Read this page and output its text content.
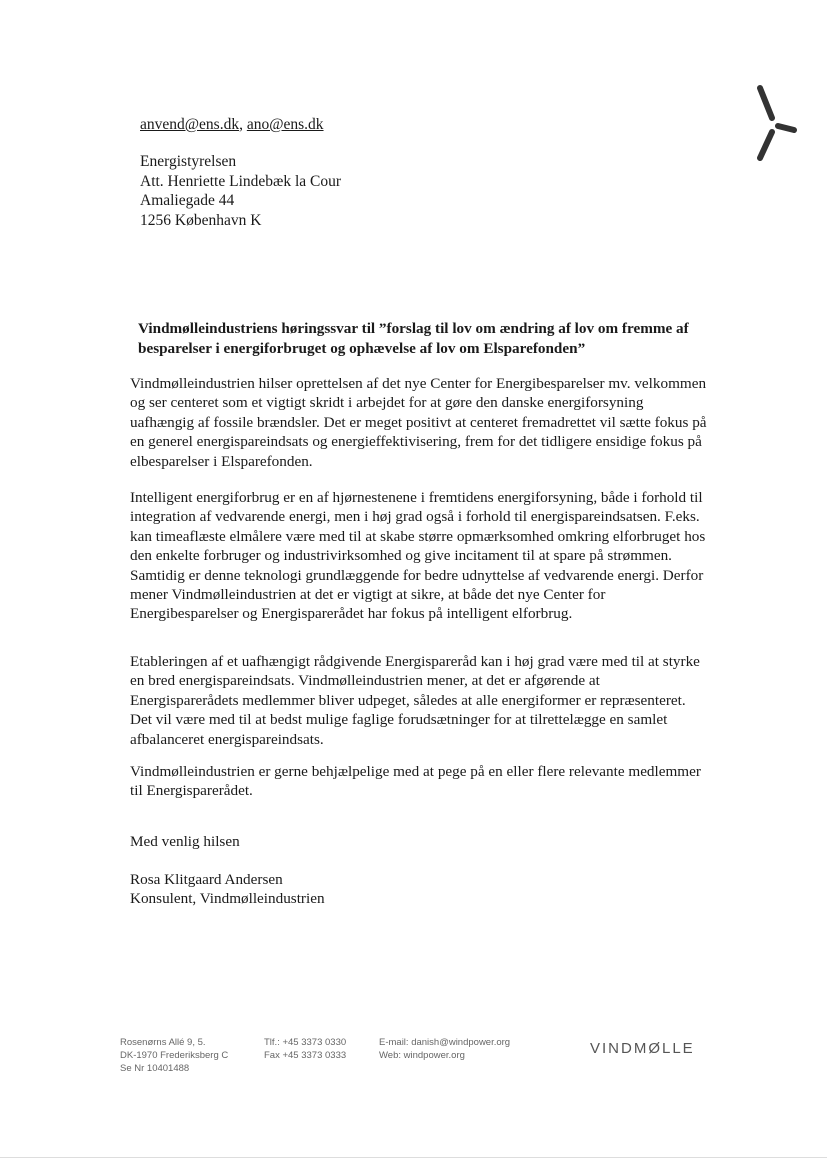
anvend@ens.dk, ano@ens.dk
Energistyrelsen
Att. Henriette Lindebæk la Cour
Amaliegade 44
1256 København K
Vindmølleindustriens høringssvar til ”forslag til lov om ændring af lov om fremme af besparelser i energiforbruget og ophævelse af lov om Elsparefonden”

Vindmølleindustrien hilser oprettelsen af det nye Center for Energibesparelser mv. velkommen og ser centeret som et vigtigt skridt i arbejdet for at gøre den danske energiforsyning uafhængig af fossile brændsler. Det er meget positivt at centeret fremadrettet vil sætte fokus på en generel energispareindsats og energieffektivisering, frem for det tidligere ensidige fokus på elbesparelser i Elsparefonden.

Intelligent energiforbrug er en af hjørnestenene i fremtidens energiforsyning, både i forhold til integration af vedvarende energi, men i høj grad også i forhold til energispareindsatsen. F.eks. kan timeaflæste elmålere være med til at skabe større opmærksomhed omkring elforbruget hos den enkelte forbruger og industrivirksomhed og give incitament til at spare på strømmen. Samtidig er denne teknologi grundlæggende for bedre udnyttelse af vedvarende energi. Derfor mener Vindmølleindustrien at det er vigtigt at sikre, at både det nye Center for Energibesparelser og Energisparerådet har fokus på intelligent elforbrug.

Etableringen af et uafhængigt rådgivende Energispareråd kan i høj grad være med til at styrke en bred energispareindsats. Vindmølleindustrien mener, at det er afgørende at Energisparerådets medlemmer bliver udpeget, således at alle energiformer er repræsenteret. Det vil være med til at bedst mulige faglige forudsætninger for at tilrettelægge en samlet afbalanceret energispareindsats.

Vindmølleindustrien er gerne behjælpelige med at pege på en eller flere relevante medlemmer til Energisparerådet.

Med venlig hilsen
Rosa Klitgaard Andersen
Konsulent, Vindmølleindustrien
Rosenørns Allé 9, 5.
DK-1970 Frederiksberg C
Se Nr 10401488
Tlf.: +45 3373 0330
Fax +45 3373 0333
E-mail: danish@windpower.org
Web: windpower.org	VINDMØLLE
